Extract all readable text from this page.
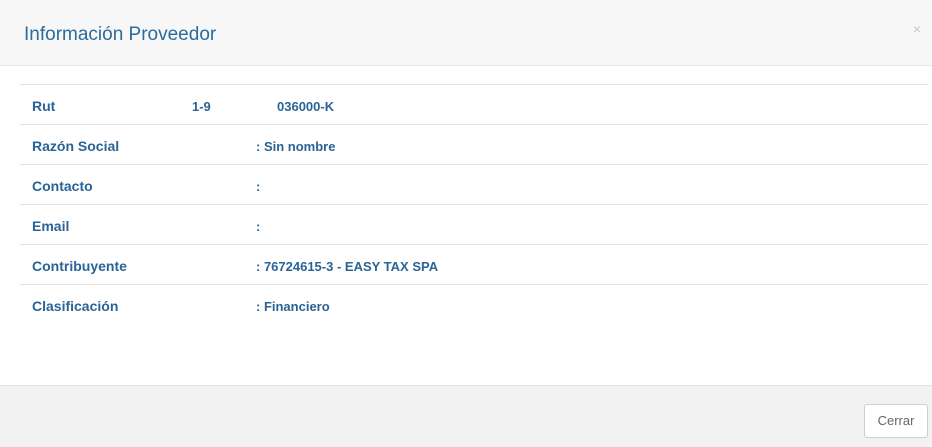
Información Proveedor	×
Rut	1-9	036000-K
Razón Social	: Sin nombre
Contacto	:
Email	:
Contribuyente	: 76724615-3 - EASY TAX SPA
Clasificación	: Financiero
Cerrar
